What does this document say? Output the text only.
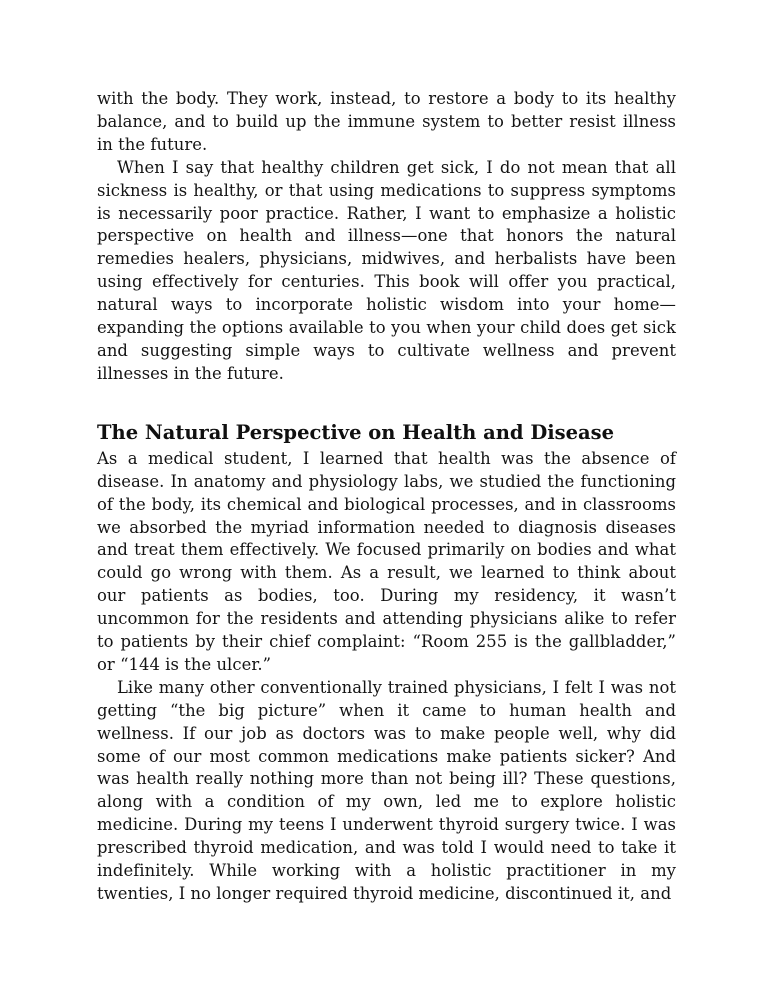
with the body. They work, instead, to restore a body to its healthy balance, and to build up the immune system to better resist illness in the future.

When I say that healthy children get sick, I do not mean that all sickness is healthy, or that using medications to suppress symptoms is necessarily poor practice. Rather, I want to emphasize a holistic perspective on health and illness—one that honors the natural remedies healers, physicians, midwives, and herbalists have been using effectively for centuries. This book will offer you practical, natural ways to incorporate holistic wisdom into your home—expanding the options available to you when your child does get sick and suggesting simple ways to cultivate wellness and prevent illnesses in the future.

The Natural Perspective on Health and Disease

As a medical student, I learned that health was the absence of disease. In anatomy and physiology labs, we studied the functioning of the body, its chemical and biological processes, and in classrooms we absorbed the myriad information needed to diagnosis diseases and treat them effectively. We focused primarily on bodies and what could go wrong with them. As a result, we learned to think about our patients as bodies, too. During my residency, it wasn’t uncommon for the residents and attending physicians alike to refer to patients by their chief complaint: “Room 255 is the gallbladder,” or “144 is the ulcer.”

Like many other conventionally trained physicians, I felt I was not getting “the big picture” when it came to human health and wellness. If our job as doctors was to make people well, why did some of our most common medications make patients sicker? And was health really nothing more than not being ill? These questions, along with a condition of my own, led me to explore holistic medicine. During my teens I underwent thyroid surgery twice. I was prescribed thyroid medication, and was told I would need to take it indefinitely. While working with a holistic practitioner in my twenties, I no longer required thyroid medicine, discontinued it, and
